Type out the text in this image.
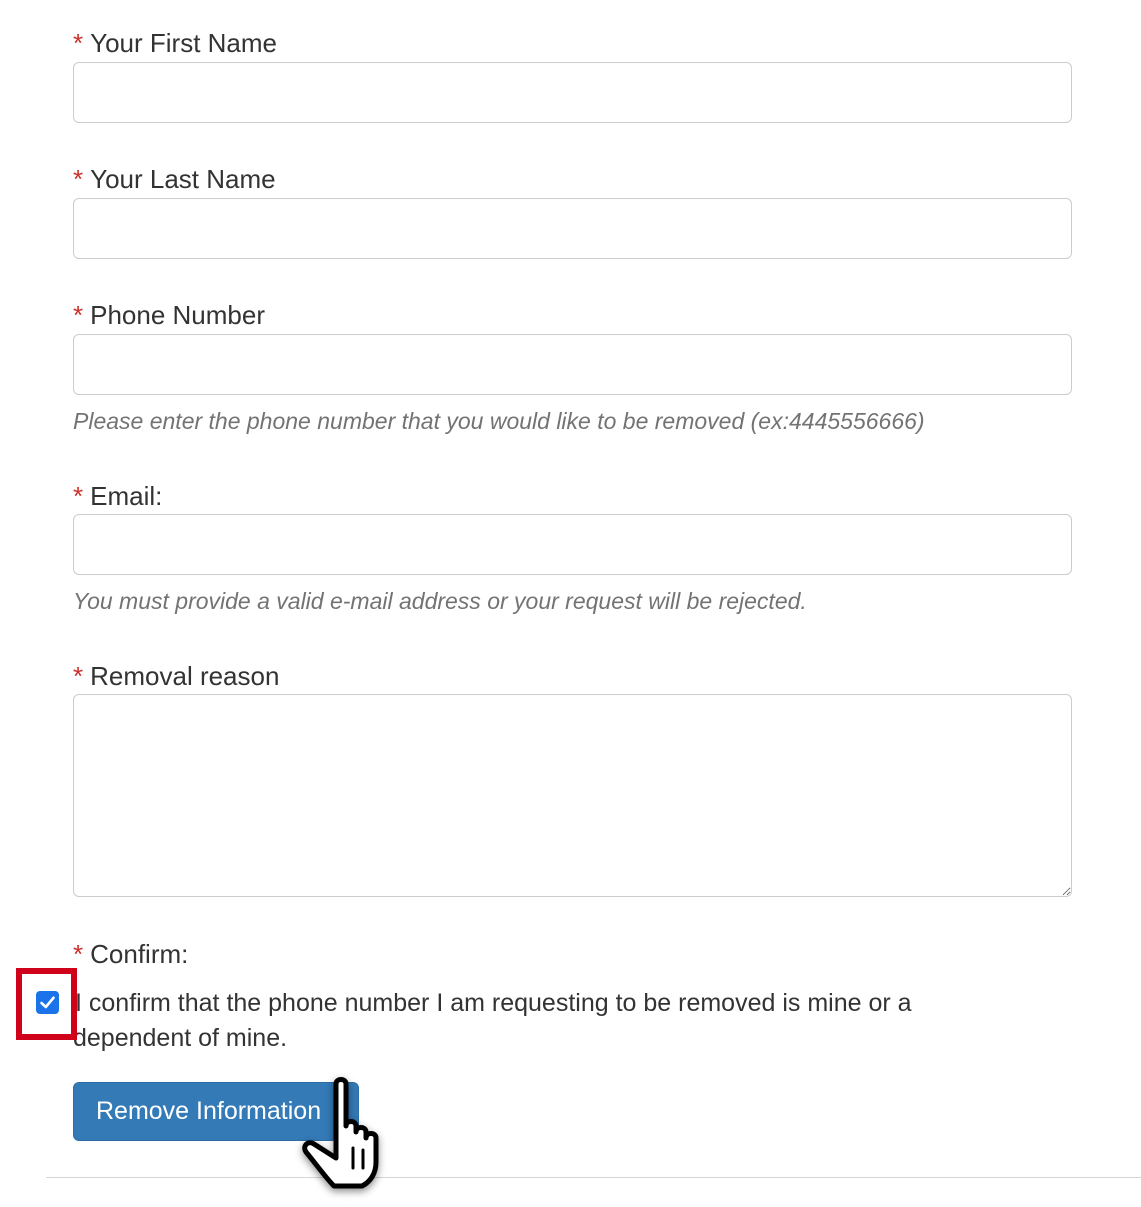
* Your First Name
* Your Last Name
* Phone Number
Please enter the phone number that you would like to be removed (ex:4445556666)
* Email:
You must provide a valid e-mail address or your request will be rejected.
* Removal reason
* Confirm:
I confirm that the phone number I am requesting to be removed is mine or a dependent of mine.
Remove Information
